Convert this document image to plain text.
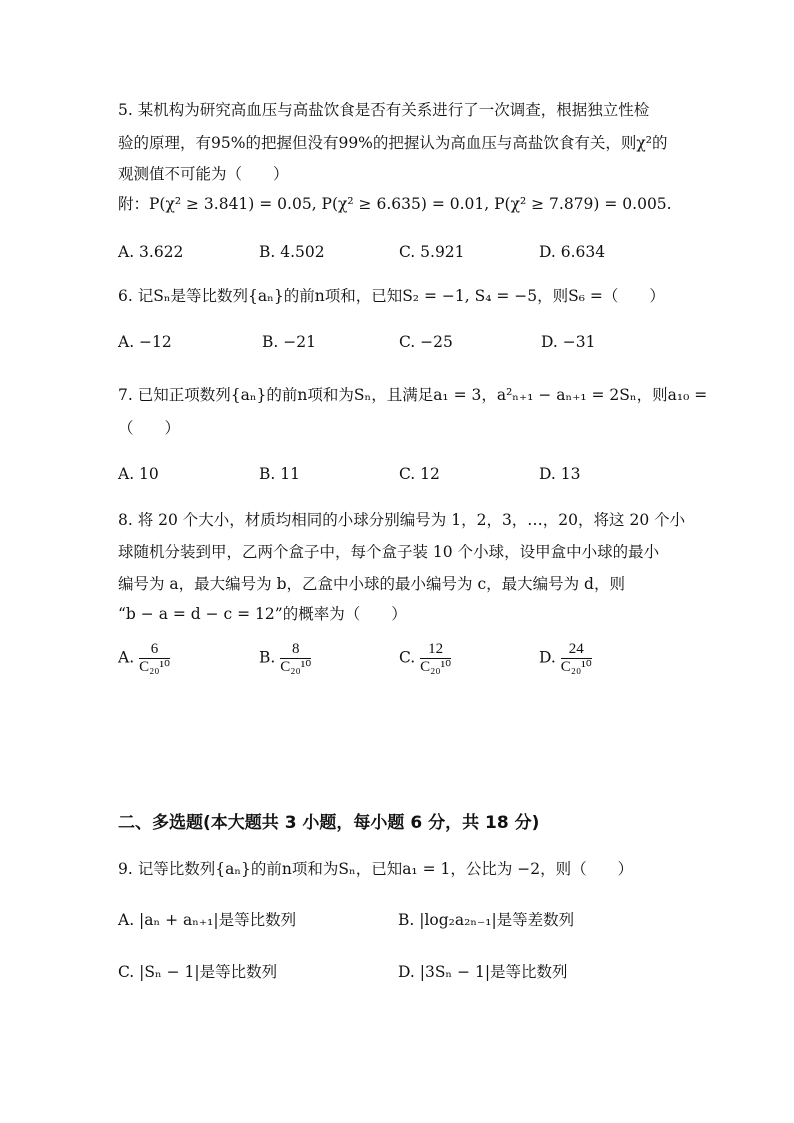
5. 某机构为研究高血压与高盐饮食是否有关系进行了一次调查，根据独立性检
验的原理，有95%的把握但没有99%的把握认为高血压与高盐饮食有关，则χ²的
观测值不可能为（　　）
附：P(χ² ≥ 3.841) = 0.05, P(χ² ≥ 6.635) = 0.01, P(χ² ≥ 7.879) = 0.005.
A. 3.622	B. 4.502	C. 5.921	D. 6.634
6. 记Sₙ是等比数列{aₙ}的前n项和，已知S₂ = −1, S₄ = −5，则S₆ =（　　）
A. −12	B. −21	C. −25	D. −31
7. 已知正项数列{aₙ}的前n项和为Sₙ，且满足a₁ = 3，a²ₙ₊₁ − aₙ₊₁ = 2Sₙ，则a₁₀ =
（　　）
A. 10	B. 11	C. 12	D. 13
8. 将 20 个大小，材质均相同的小球分别编号为 1，2，3，…，20，将这 20 个小
球随机分装到甲，乙两个盒子中，每个盒子装 10 个小球，设甲盒中小球的最小
编号为 a，最大编号为 b，乙盒中小球的最小编号为 c，最大编号为 d，则
“b − a = d − c = 12”的概率为（　　）
A. $\frac{6}{\text{C₂₀¹⁰}}$	B. $\frac{8}{\text{C₂₀¹⁰}}$	C. $\frac{12}{\text{C₂₀¹⁰}}$	D. $\frac{24}{\text{C₂₀¹⁰}}$
二、多选题(本大题共 3 小题，每小题 6 分，共 18 分)
9. 记等比数列{aₙ}的前n项和为Sₙ，已知a₁ = 1，公比为 −2，则（　　）
A. |aₙ + aₙ₊₁|是等比数列	B. |log₂a₂ₙ₋₁|是等差数列
C. |Sₙ − 1|是等比数列	D. |3Sₙ − 1|是等比数列
